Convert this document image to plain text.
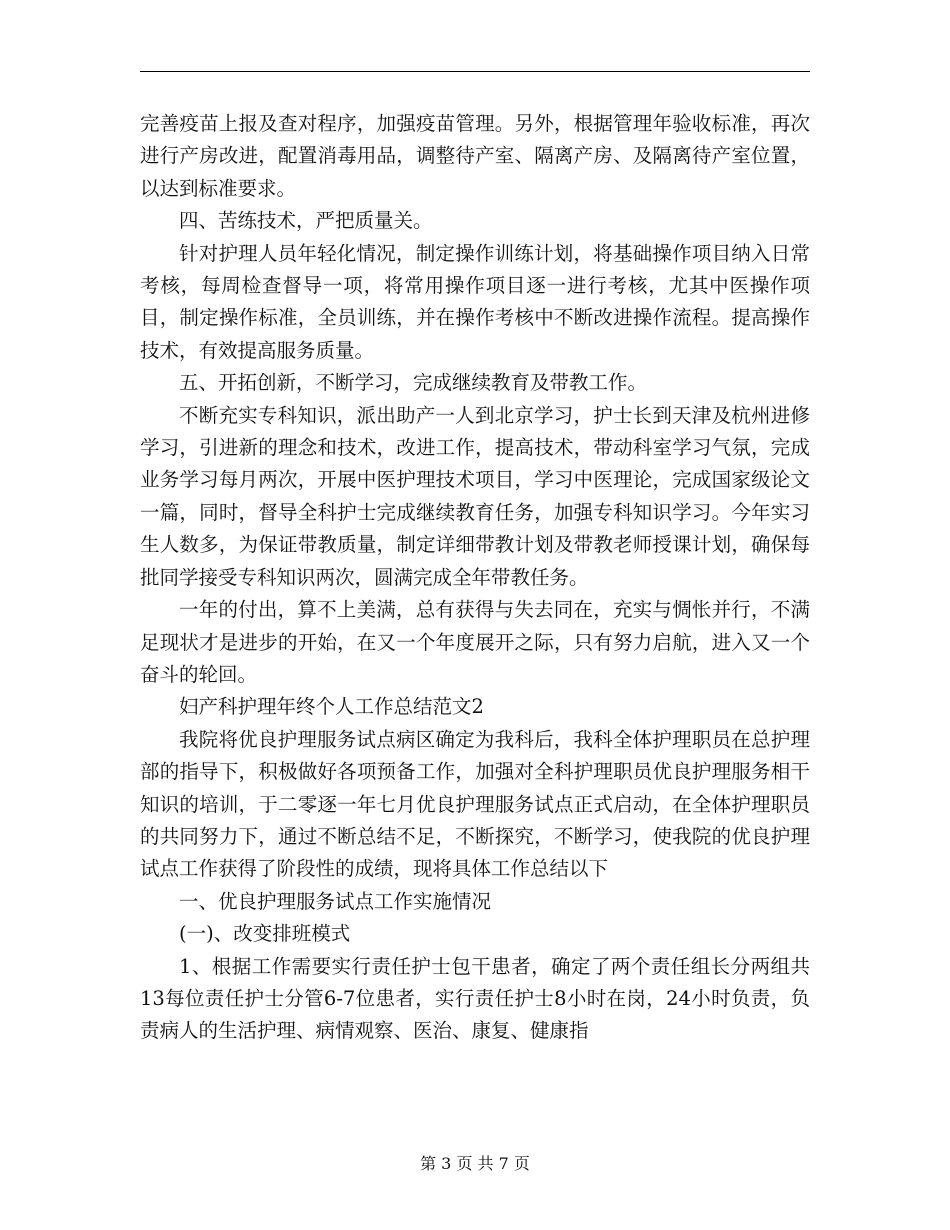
完善疫苗上报及查对程序，加强疫苗管理。另外，根据管理年验收标准，再次进行产房改进，配置消毒用品，调整待产室、隔离产房、及隔离待产室位置，以达到标准要求。

四、苦练技术，严把质量关。

针对护理人员年轻化情况，制定操作训练计划，将基础操作项目纳入日常考核，每周检查督导一项，将常用操作项目逐一进行考核，尤其中医操作项目，制定操作标准，全员训练，并在操作考核中不断改进操作流程。提高操作技术，有效提高服务质量。

五、开拓创新，不断学习，完成继续教育及带教工作。

不断充实专科知识，派出助产一人到北京学习，护士长到天津及杭州进修学习，引进新的理念和技术，改进工作，提高技术，带动科室学习气氛，完成业务学习每月两次，开展中医护理技术项目，学习中医理论，完成国家级论文一篇，同时，督导全科护士完成继续教育任务，加强专科知识学习。今年实习生人数多，为保证带教质量，制定详细带教计划及带教老师授课计划，确保每批同学接受专科知识两次，圆满完成全年带教任务。

一年的付出，算不上美满，总有获得与失去同在，充实与惆怅并行，不满足现状才是进步的开始，在又一个年度展开之际，只有努力启航，进入又一个奋斗的轮回。

妇产科护理年终个人工作总结范文2

我院将优良护理服务试点病区确定为我科后，我科全体护理职员在总护理部的指导下，积极做好各项预备工作，加强对全科护理职员优良护理服务相干知识的培训，于二零逐一年七月优良护理服务试点正式启动，在全体护理职员的共同努力下，通过不断总结不足，不断探究，不断学习，使我院的优良护理试点工作获得了阶段性的成绩，现将具体工作总结以下

一、优良护理服务试点工作实施情况

(一)、改变排班模式

1、根据工作需要实行责任护士包干患者，确定了两个责任组长分两组共13每位责任护士分管6-7位患者，实行责任护士8小时在岗，24小时负责，负责病人的生活护理、病情观察、医治、康复、健康指

第 3 页 共 7 页
